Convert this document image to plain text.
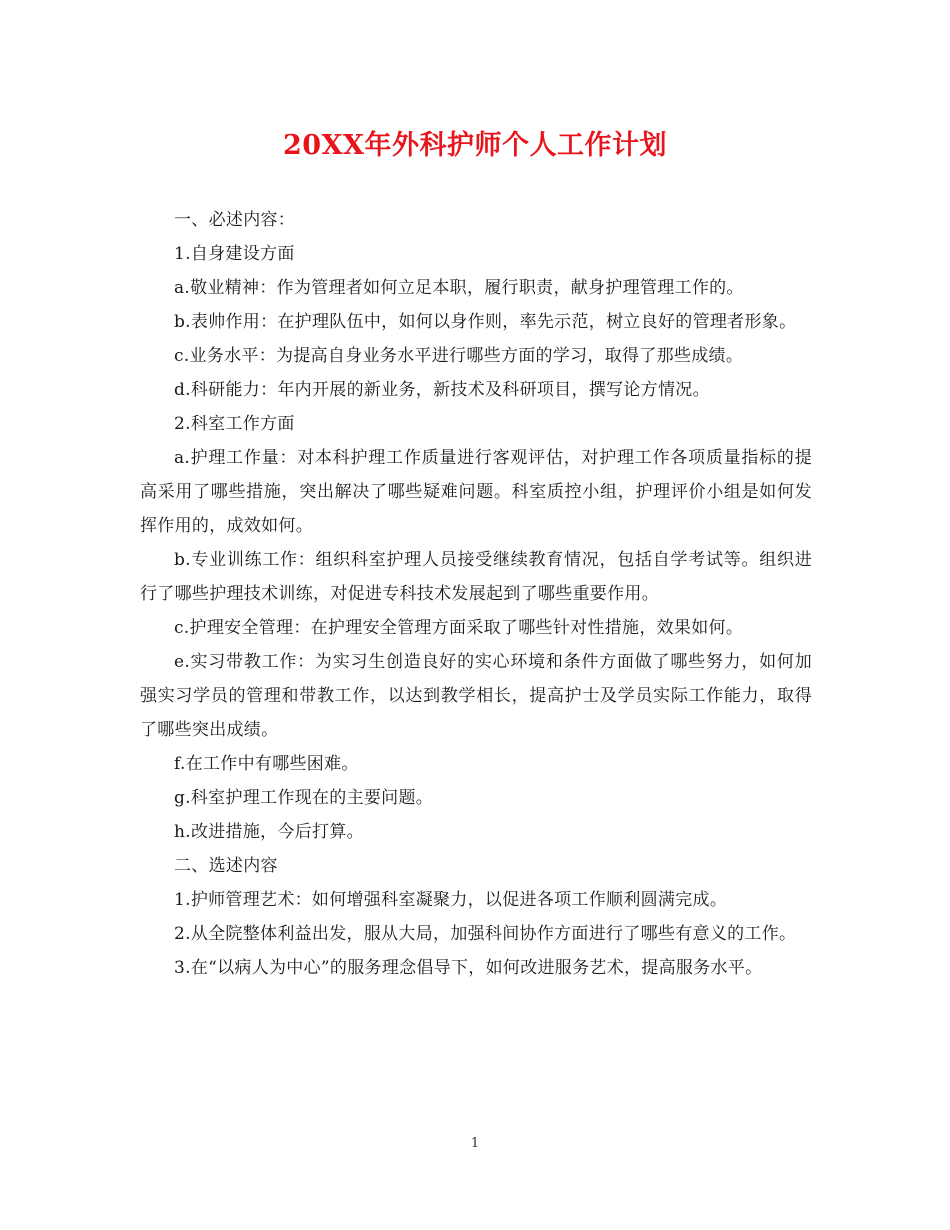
20XX年外科护师个人工作计划

一、必述内容：

1.自身建设方面

a.敬业精神：作为管理者如何立足本职，履行职责，献身护理管理工作的。

b.表帅作用：在护理队伍中，如何以身作则，率先示范，树立良好的管理者形象。

c.业务水平：为提高自身业务水平进行哪些方面的学习，取得了那些成绩。

d.科研能力：年内开展的新业务，新技术及科研项目，撰写论方情况。

2.科室工作方面

a.护理工作量：对本科护理工作质量进行客观评估，对护理工作各项质量指标的提高采用了哪些措施，突出解决了哪些疑难问题。科室质控小组，护理评价小组是如何发挥作用的，成效如何。

b.专业训练工作：组织科室护理人员接受继续教育情况，包括自学考试等。组织进行了哪些护理技术训练，对促进专科技术发展起到了哪些重要作用。

c.护理安全管理：在护理安全管理方面采取了哪些针对性措施，效果如何。

e.实习带教工作：为实习生创造良好的实心环境和条件方面做了哪些努力，如何加强实习学员的管理和带教工作，以达到教学相长，提高护士及学员实际工作能力，取得了哪些突出成绩。

f.在工作中有哪些困难。

g.科室护理工作现在的主要问题。

h.改进措施，今后打算。

二、选述内容

1.护师管理艺术：如何增强科室凝聚力，以促进各项工作顺利圆满完成。

2.从全院整体利益出发，服从大局，加强科间协作方面进行了哪些有意义的工作。

3.在“以病人为中心”的服务理念倡导下，如何改进服务艺术，提高服务水平。

1
